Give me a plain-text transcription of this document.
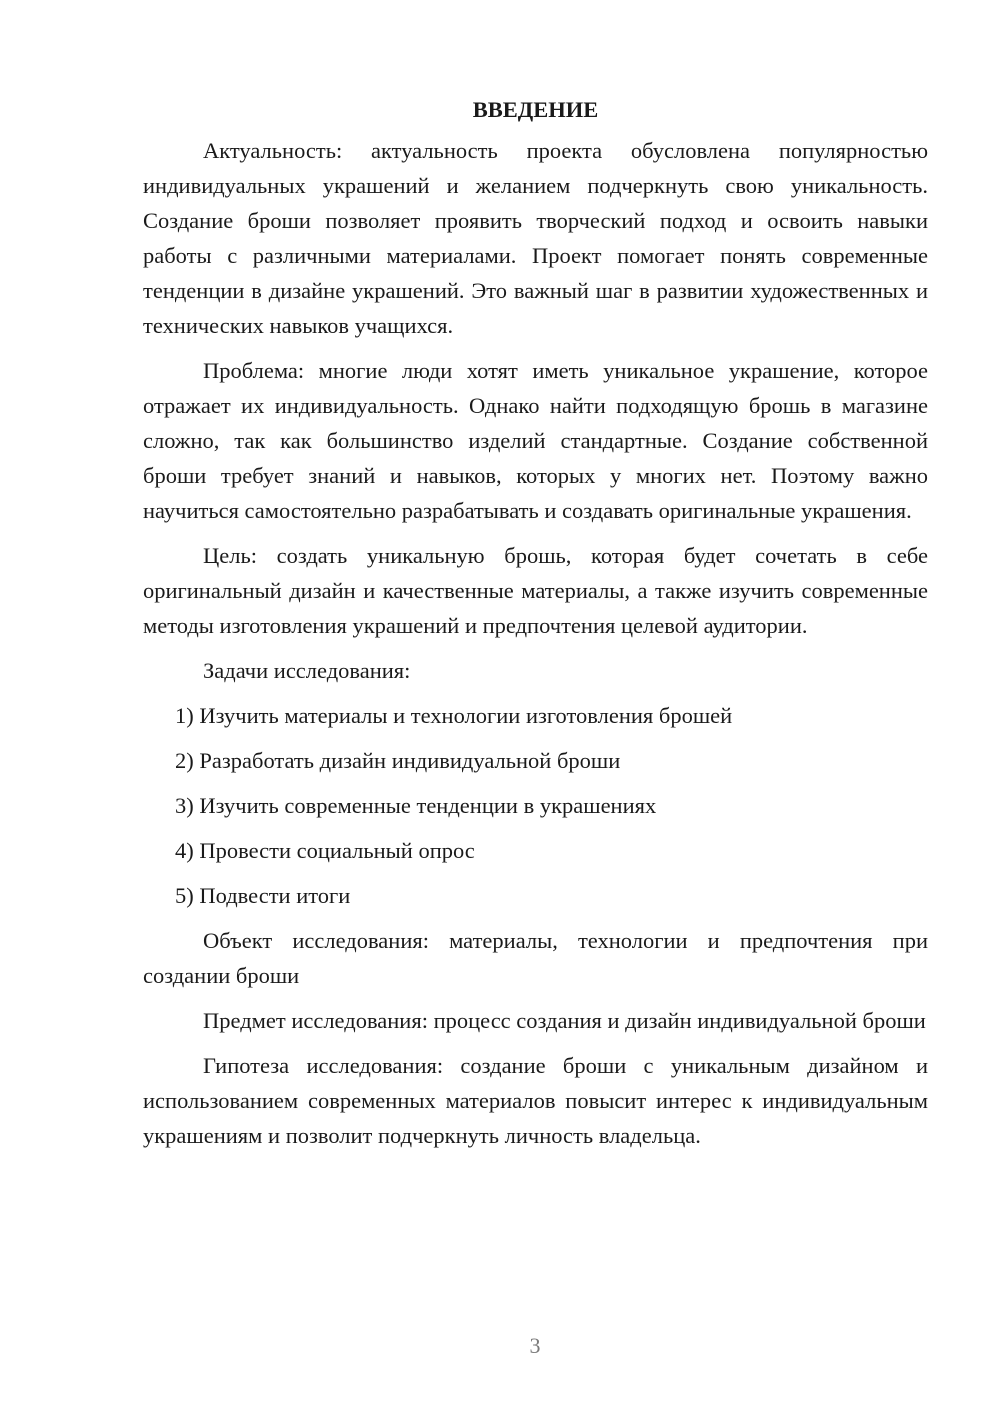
ВВЕДЕНИЕ

Актуальность: актуальность проекта обусловлена популярностью индивидуальных украшений и желанием подчеркнуть свою уникальность. Создание броши позволяет проявить творческий подход и освоить навыки работы с различными материалами. Проект помогает понять современные тенденции в дизайне украшений. Это важный шаг в развитии художественных и технических навыков учащихся.

Проблема: многие люди хотят иметь уникальное украшение, которое отражает их индивидуальность. Однако найти подходящую брошь в магазине сложно, так как большинство изделий стандартные. Создание собственной броши требует знаний и навыков, которых у многих нет. Поэтому важно научиться самостоятельно разрабатывать и создавать оригинальные украшения.

Цель: создать уникальную брошь, которая будет сочетать в себе оригинальный дизайн и качественные материалы, а также изучить современные методы изготовления украшений и предпочтения целевой аудитории.

Задачи исследования:

1) Изучить материалы и технологии изготовления брошей

2) Разработать дизайн индивидуальной броши

3) Изучить современные тенденции в украшениях

4) Провести социальный опрос

5) Подвести итоги

Объект исследования: материалы, технологии и предпочтения при создании броши

Предмет исследования: процесс создания и дизайн индивидуальной броши

Гипотеза исследования: создание броши с уникальным дизайном и использованием современных материалов повысит интерес к индивидуальным украшениям и позволит подчеркнуть личность владельца.

3
